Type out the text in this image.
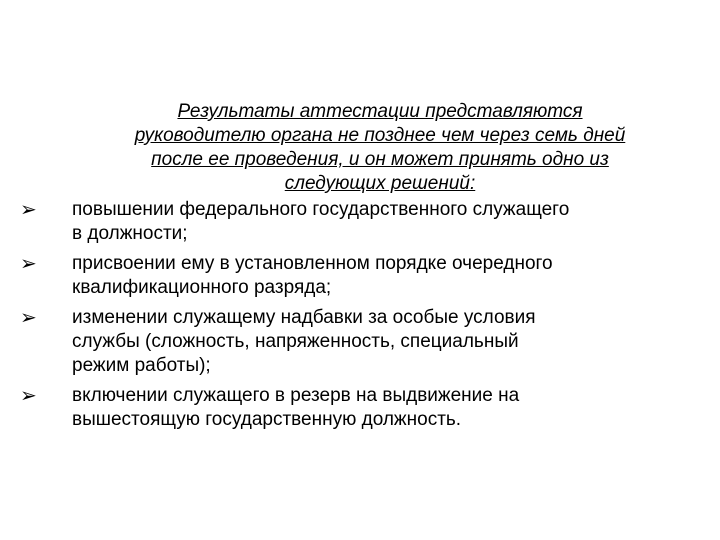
Результаты аттестации представляются
руководителю органа не позднее чем через семь дней
после ее проведения, и он может принять одно из
следующих решений:
➢ повышении федерального государственного служащего
в должности;
➢ присвоении ему в установленном порядке очередного
квалификационного разряда;
➢ изменении служащему надбавки за особые условия
службы (сложность, напряженность, специальный
режим работы);
➢ включении служащего в резерв на выдвижение на
вышестоящую государственную должность.
